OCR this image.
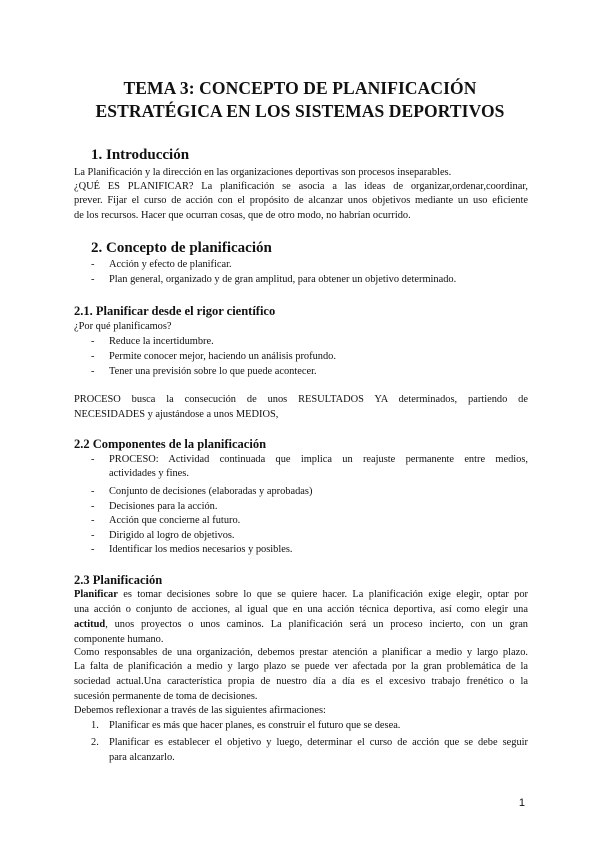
TEMA 3: CONCEPTO DE PLANIFICACIÓN
ESTRATÉGICA EN LOS SISTEMAS DEPORTIVOS
1. Introducción
La Planificación y la dirección en las organizaciones deportivas son procesos inseparables.
¿QUÉ ES PLANIFICAR? La planificación se asocia a las ideas de organizar,ordenar,coordinar,
prever. Fijar el curso de acción con el propósito de alcanzar unos objetivos mediante un uso eficiente
de los recursos. Hacer que ocurran cosas, que de otro modo, no habrían ocurrido.
2. Concepto de planificación
- Acción y efecto de planificar.
- Plan general, organizado y de gran amplitud, para obtener un objetivo determinado.
2.1. Planificar desde el rigor científico
¿Por qué planificamos?
- Reduce la incertidumbre.
- Permite conocer mejor, haciendo un análisis profundo.
- Tener una previsión sobre lo que puede acontecer.
PROCESO busca la consecución de unos RESULTADOS YA determinados, partiendo de
NECESIDADES y ajustándose a unos MEDIOS,
2.2 Componentes de la planificación
- PROCESO: Actividad continuada que implica un reajuste permanente entre medios,
actividades y fines.
- Conjunto de decisiones (elaboradas y aprobadas)
- Decisiones para la acción.
- Acción que concierne al futuro.
- Dirigido al logro de objetivos.
- Identificar los medios necesarios y posibles.
2.3 Planificación
Planificar es tomar decisiones sobre lo que se quiere hacer. La planificación exige elegir, optar por
una acción o conjunto de acciones, al igual que en una acción técnica deportiva, así como elegir una
actitud, unos proyectos o unos caminos. La planificación será un proceso incierto, con un gran
componente humano.
Como responsables de una organización, debemos prestar atención a planificar a medio y largo plazo.
La falta de planificación a medio y largo plazo se puede ver afectada por la gran problemática de la
sociedad actual.Una característica propia de nuestro día a día es el excesivo trabajo frenético o la
sucesión permanente de toma de decisiones.
Debemos reflexionar a través de las siguientes afirmaciones:
1. Planificar es más que hacer planes, es construir el futuro que se desea.
2. Planificar es establecer el objetivo y luego, determinar el curso de acción que se debe seguir
para alcanzarlo.
1
